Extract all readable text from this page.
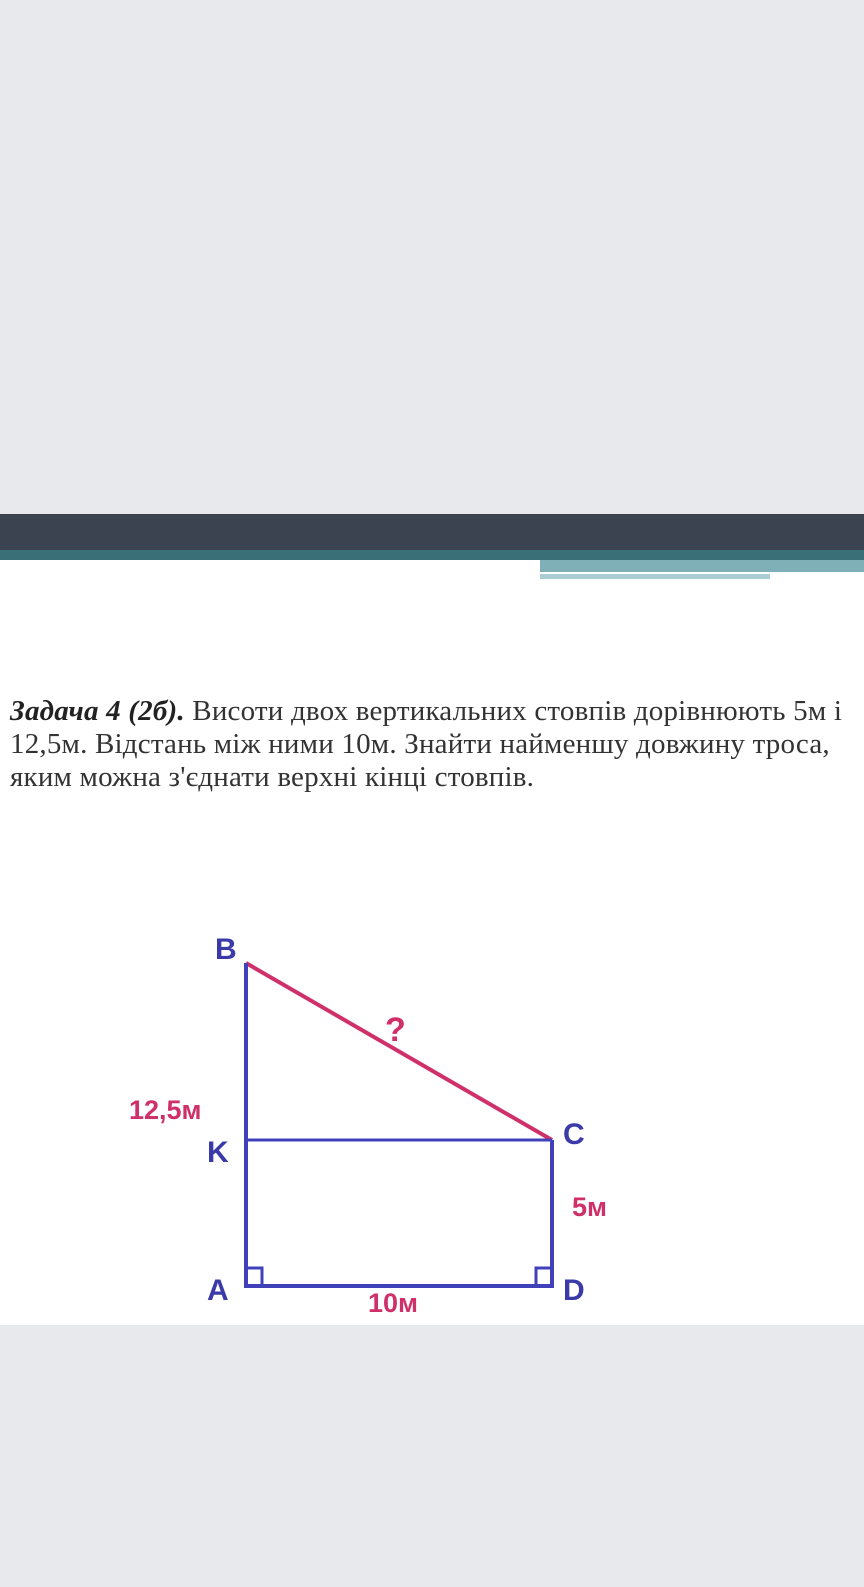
Задача 4 (2б). Висоти двох вертикальних стовпів дорівнюють 5м і 12,5м. Відстань між ними 10м. Знайти найменшу довжину троса, яким можна з'єднати верхні кінці стовпів.
B
K
A
C
D
?
12,5м
5м
10м
